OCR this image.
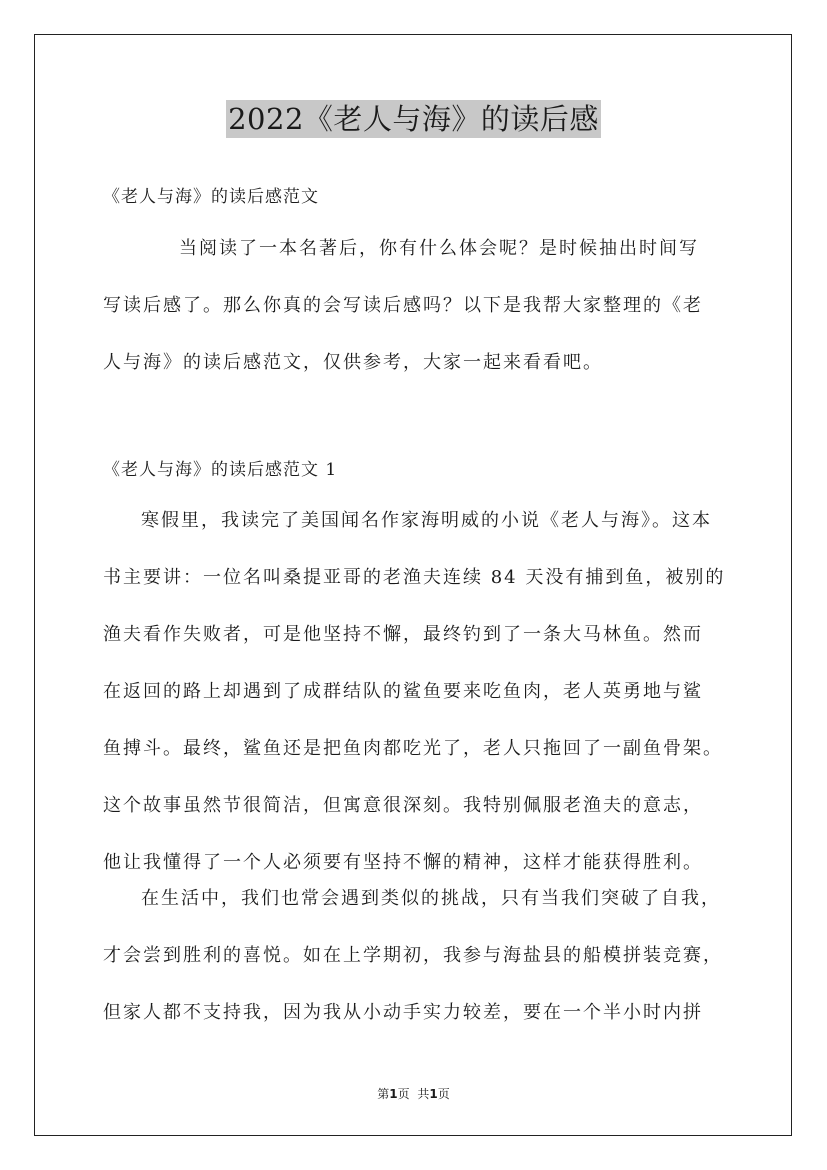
2022《老人与海》的读后感
《老人与海》的读后感范文
当阅读了一本名著后，你有什么体会呢？是时候抽出时间写
写读后感了。那么你真的会写读后感吗？以下是我帮大家整理的《老
人与海》的读后感范文，仅供参考，大家一起来看看吧。
《老人与海》的读后感范文 1
寒假里，我读完了美国闻名作家海明威的小说《老人与海》。这本
书主要讲：一位名叫桑提亚哥的老渔夫连续 84 天没有捕到鱼，被别的
渔夫看作失败者，可是他坚持不懈，最终钓到了一条大马林鱼。然而
在返回的路上却遇到了成群结队的鲨鱼要来吃鱼肉，老人英勇地与鲨
鱼搏斗。最终，鲨鱼还是把鱼肉都吃光了，老人只拖回了一副鱼骨架。
这个故事虽然节很简洁，但寓意很深刻。我特别佩服老渔夫的意志，
他让我懂得了一个人必须要有坚持不懈的精神，这样才能获得胜利。
在生活中，我们也常会遇到类似的挑战，只有当我们突破了自我，
才会尝到胜利的喜悦。如在上学期初，我参与海盐县的船模拼装竞赛，
但家人都不支持我，因为我从小动手实力较差，要在一个半小时内拼
第1页 共1页
